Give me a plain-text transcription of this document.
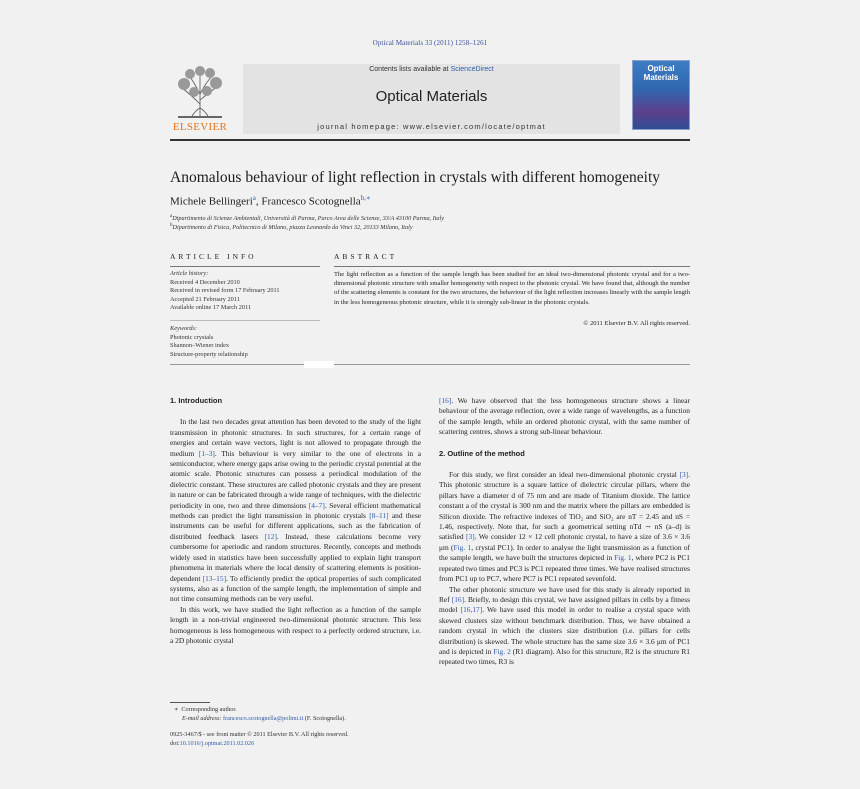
Optical Materials 33 (2011) 1258–1261
ELSEVIER
Contents lists available at ScienceDirect
Optical Materials
journal homepage: www.elsevier.com/locate/optmat
Optical Materials
Anomalous behaviour of light reflection in crystals with different homogeneity
Michele Bellingeri$^a$, Francesco Scotognella$^{b,∗}$
$^a$Dipartimento di Scienze Ambientali, Università di Parma, Parco Area delle Scienze, 33/A 43100 Parma, Italy
$^b$Dipartimento di Fisica, Politecnico di Milano, piazza Leonardo da Vinci 32, 20133 Milano, Italy
ARTICLE INFO	ABSTRACT
Article history:
Received 4 December 2010
Received in revised form 17 February 2011
Accepted 21 February 2011
Available online 17 March 2011
Keywords:
Photonic crystals
Shannon–Wiener index
Structure-property relationship
The light reflection as a function of the sample length has been studied for an ideal two-dimensional photonic crystal and for a two-dimensional photonic structure with smaller homogeneity with respect to the photonic crystal. We have found that, although the number of the scattering elements is constant for the two structures, the behaviour of the light reflection increases linearly with the sample length in the less homogeneous photonic structure, while it is strongly sub-linear in the photonic crystals.
© 2011 Elsevier B.V. All rights reserved.
1. Introduction

In the last two decades great attention has been devoted to the study of the light transmission in photonic structures. In such structures, for a certain range of energies and certain wave vectors, light is not allowed to propagate through the medium [1–3]. This behaviour is very similar to the one of electrons in a semiconductor, where energy gaps arise owing to the periodic crystal potential at the atomic scale. Photonic structures can possess a periodical modulation of the dielectric constant. These structures are called photonic crystals and they are present in nature or can be fabricated through a wide range of techniques, with the dielectric periodicity in one, two and three dimensions [4–7]. Several efficient mathematical methods can predict the light transmission in photonic crystals [8–11] and these instruments can be useful for different applications, such as the fabrication of distributed feedback lasers [12]. Instead, these calculations become very cumbersome for aperiodic and random structures. Recently, concepts and methods widely used in statistics have been successfully applied to explain light transport phenomena in materials where the local density of scattering elements is position-dependent [13–15]. To efficiently predict the optical properties of such complicated systems, also as a function of the sample length, the implementation of simple and not time consuming methods can be very useful.

In this work, we have studied the light reflection as a function of the sample length in a non-trivial engineered two-dimensional photonic structure. This less homogeneous is less homogeneous with respect to a perfectly ordered structure, i.e. a 2D photonic crystal

∗ Corresponding author.
E-mail address: francesco.scotognella@polimi.it (F. Scotognella).
0925-3467/$ - see front matter © 2011 Elsevier B.V. All rights reserved.
doi:10.1016/j.optmat.2011.02.026

[16]. We have observed that the less homogeneous structure shows a linear behaviour of the average reflection, over a wide range of wavelengths, as a function of the sample length, while an ordered photonic crystal, with the same number of scattering centres, shows a strong sub-linear behaviour.

2. Outline of the method

For this study, we first consider an ideal two-dimensional photonic crystal [3]. This photonic structure is a square lattice of dielectric circular pillars, where the pillars have a diameter d of 75 nm and are made of Titanium dioxide. The lattice constant a of the crystal is 300 nm and the matrix where the pillars are embedded is Silicon dioxide. The refractive indexes of TiO₂ and SiO₂ are nT = 2.45 and nS = 1.46, respectively. Note that, for such a geometrical setting nTd ∼ nS (a–d) is satisfied [3]. We consider 12 × 12 cell photonic crystal, to have a size of 3.6 × 3.6 μm (Fig. 1, crystal PC1). In order to analyse the light transmission as a function of the sample length, we have built the structures depicted in Fig. 1, where PC2 is PC1 repeated two times and PC3 is PC1 repeated three times. We have realised structures from PC1 up to PC7, where PC7 is PC1 repeated sevenfold.

The other photonic structure we have used for this study is already reported in Ref [16]. Briefly, to design this crystal, we have assigned pillars in cells by a fitness model [16,17]. We have used this model in order to realise a crystal space with skewed clusters size without benchmark distribution. Thus, we have obtained a random crystal in which the clusters size distribution (i.e. pillars for cells distribution) is skewed. The whole structure has the same size 3.6 × 3.6 μm of PC1 and is depicted in Fig. 2 (R1 diagram). Also for this structure, R2 is the structure R1 repeated two times, R3 is
